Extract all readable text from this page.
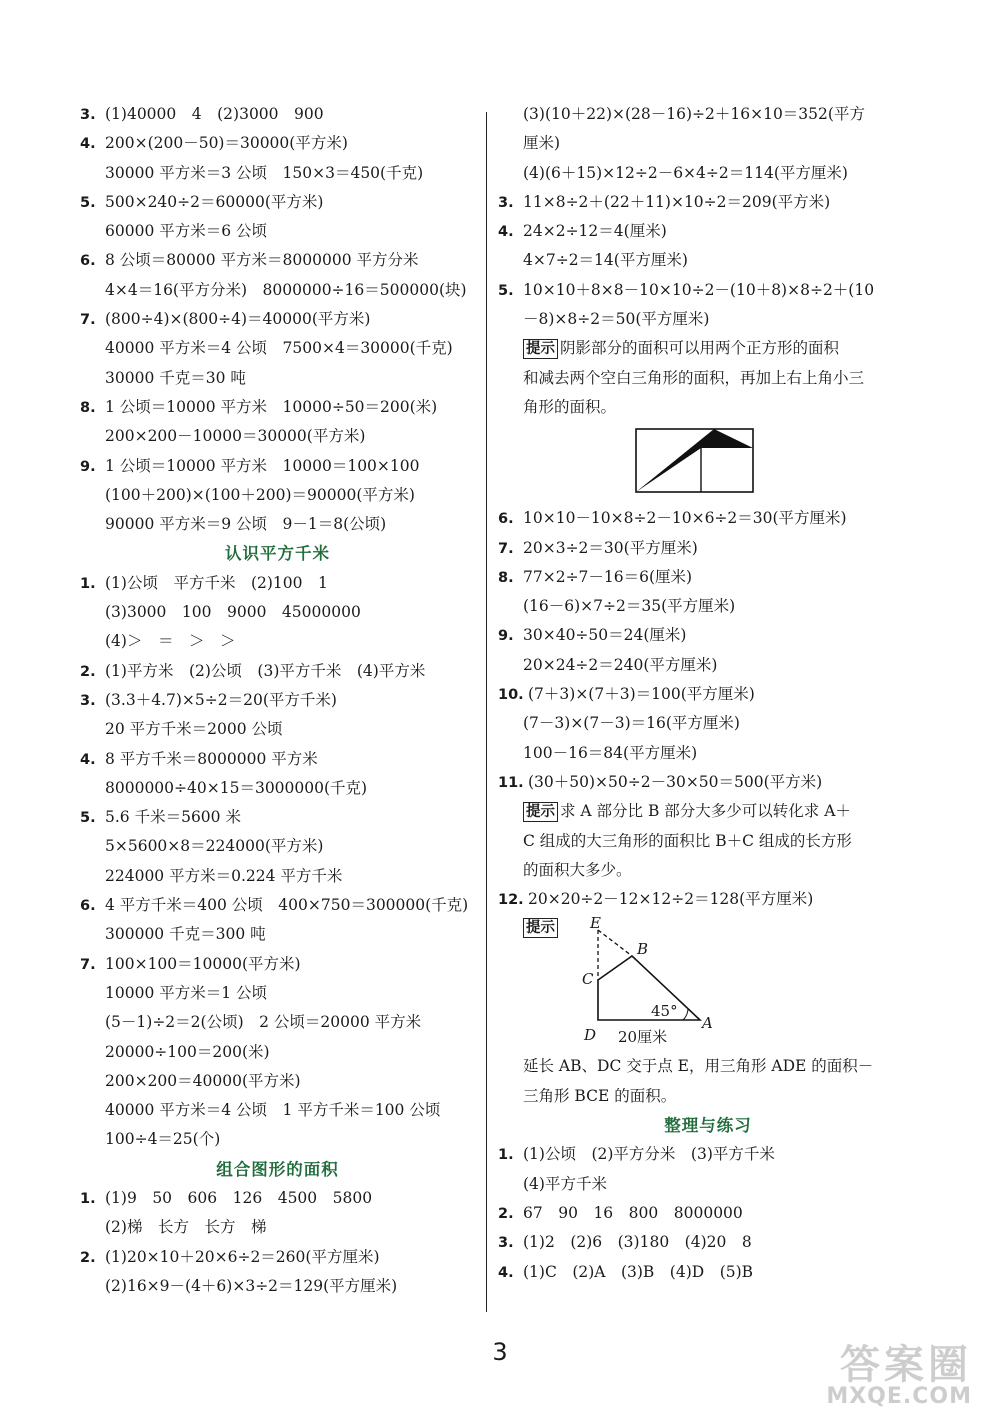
3. (1)40000　4　(2)3000　900
4. 200×(200－50)＝30000(平方米)
30000 平方米＝3 公顷　150×3＝450(千克)
5. 500×240÷2＝60000(平方米)
60000 平方米＝6 公顷
6. 8 公顷＝80000 平方米＝8000000 平方分米
4×4＝16(平方分米)　8000000÷16＝500000(块)
7. (800÷4)×(800÷4)＝40000(平方米)
40000 平方米＝4 公顷　7500×4＝30000(千克)
30000 千克＝30 吨
8. 1 公顷＝10000 平方米　10000÷50＝200(米)
200×200－10000＝30000(平方米)
9. 1 公顷＝10000 平方米　10000＝100×100
(100＋200)×(100＋200)＝90000(平方米)
90000 平方米＝9 公顷　9－1＝8(公顷)
认识平方千米
1. (1)公顷　平方千米　(2)100　1
(3)3000　100　9000　45000000
(4)＞　＝　＞　＞
2. (1)平方米　(2)公顷　(3)平方千米　(4)平方米
3. (3.3＋4.7)×5÷2＝20(平方千米)
20 平方千米＝2000 公顷
4. 8 平方千米＝8000000 平方米
8000000÷40×15＝3000000(千克)
5. 5.6 千米＝5600 米
5×5600×8＝224000(平方米)
224000 平方米＝0.224 平方千米
6. 4 平方千米＝400 公顷　400×750＝300000(千克)
300000 千克＝300 吨
7. 100×100＝10000(平方米)
10000 平方米＝1 公顷
(5－1)÷2＝2(公顷)　2 公顷＝20000 平方米
20000÷100＝200(米)
200×200＝40000(平方米)
40000 平方米＝4 公顷　1 平方千米＝100 公顷
100÷4＝25(个)
组合图形的面积
1. (1)9　50　606　126　4500　5800
(2)梯　长方　长方　梯
2. (1)20×10＋20×6÷2＝260(平方厘米)
(2)16×9－(4＋6)×3÷2＝129(平方厘米)
(3)(10＋22)×(28－16)÷2＋16×10＝352(平方
厘米)
(4)(6＋15)×12÷2－6×4÷2＝114(平方厘米)
3. 11×8÷2＋(22＋11)×10÷2＝209(平方米)
4. 24×2÷12＝4(厘米)
4×7÷2＝14(平方厘米)
5. 10×10＋8×8－10×10÷2－(10＋8)×8÷2＋(10
－8)×8÷2＝50(平方厘米)
提示 阴影部分的面积可以用两个正方形的面积
和减去两个空白三角形的面积，再加上右上角小三
角形的面积。
6. 10×10－10×8÷2－10×6÷2＝30(平方厘米)
7. 20×3÷2＝30(平方厘米)
8. 77×2÷7－16＝6(厘米)
(16－6)×7÷2＝35(平方厘米)
9. 30×40÷50＝24(厘米)
20×24÷2＝240(平方厘米)
10. (7＋3)×(7＋3)＝100(平方厘米)
(7－3)×(7－3)＝16(平方厘米)
100－16＝84(平方厘米)
11. (30＋50)×50÷2－30×50＝500(平方米)
提示 求 A 部分比 B 部分大多少可以转化求 A＋
C 组成的大三角形的面积比 B＋C 组成的长方形
的面积大多少。
12. 20×20÷2－12×12÷2＝128(平方厘米)
提示 E
B
C
A
D
45°
20厘米
延长 AB、DC 交于点 E，用三角形 ADE 的面积－
三角形 BCE 的面积。
整理与练习
1. (1)公顷　(2)平方分米　(3)平方千米
(4)平方千米
2. 67　90　16　800　8000000
3. (1)2　(2)6　(3)180　(4)20　8
4. (1)C　(2)A　(3)B　(4)D　(5)B
3	答案圈
MXQE.COM
